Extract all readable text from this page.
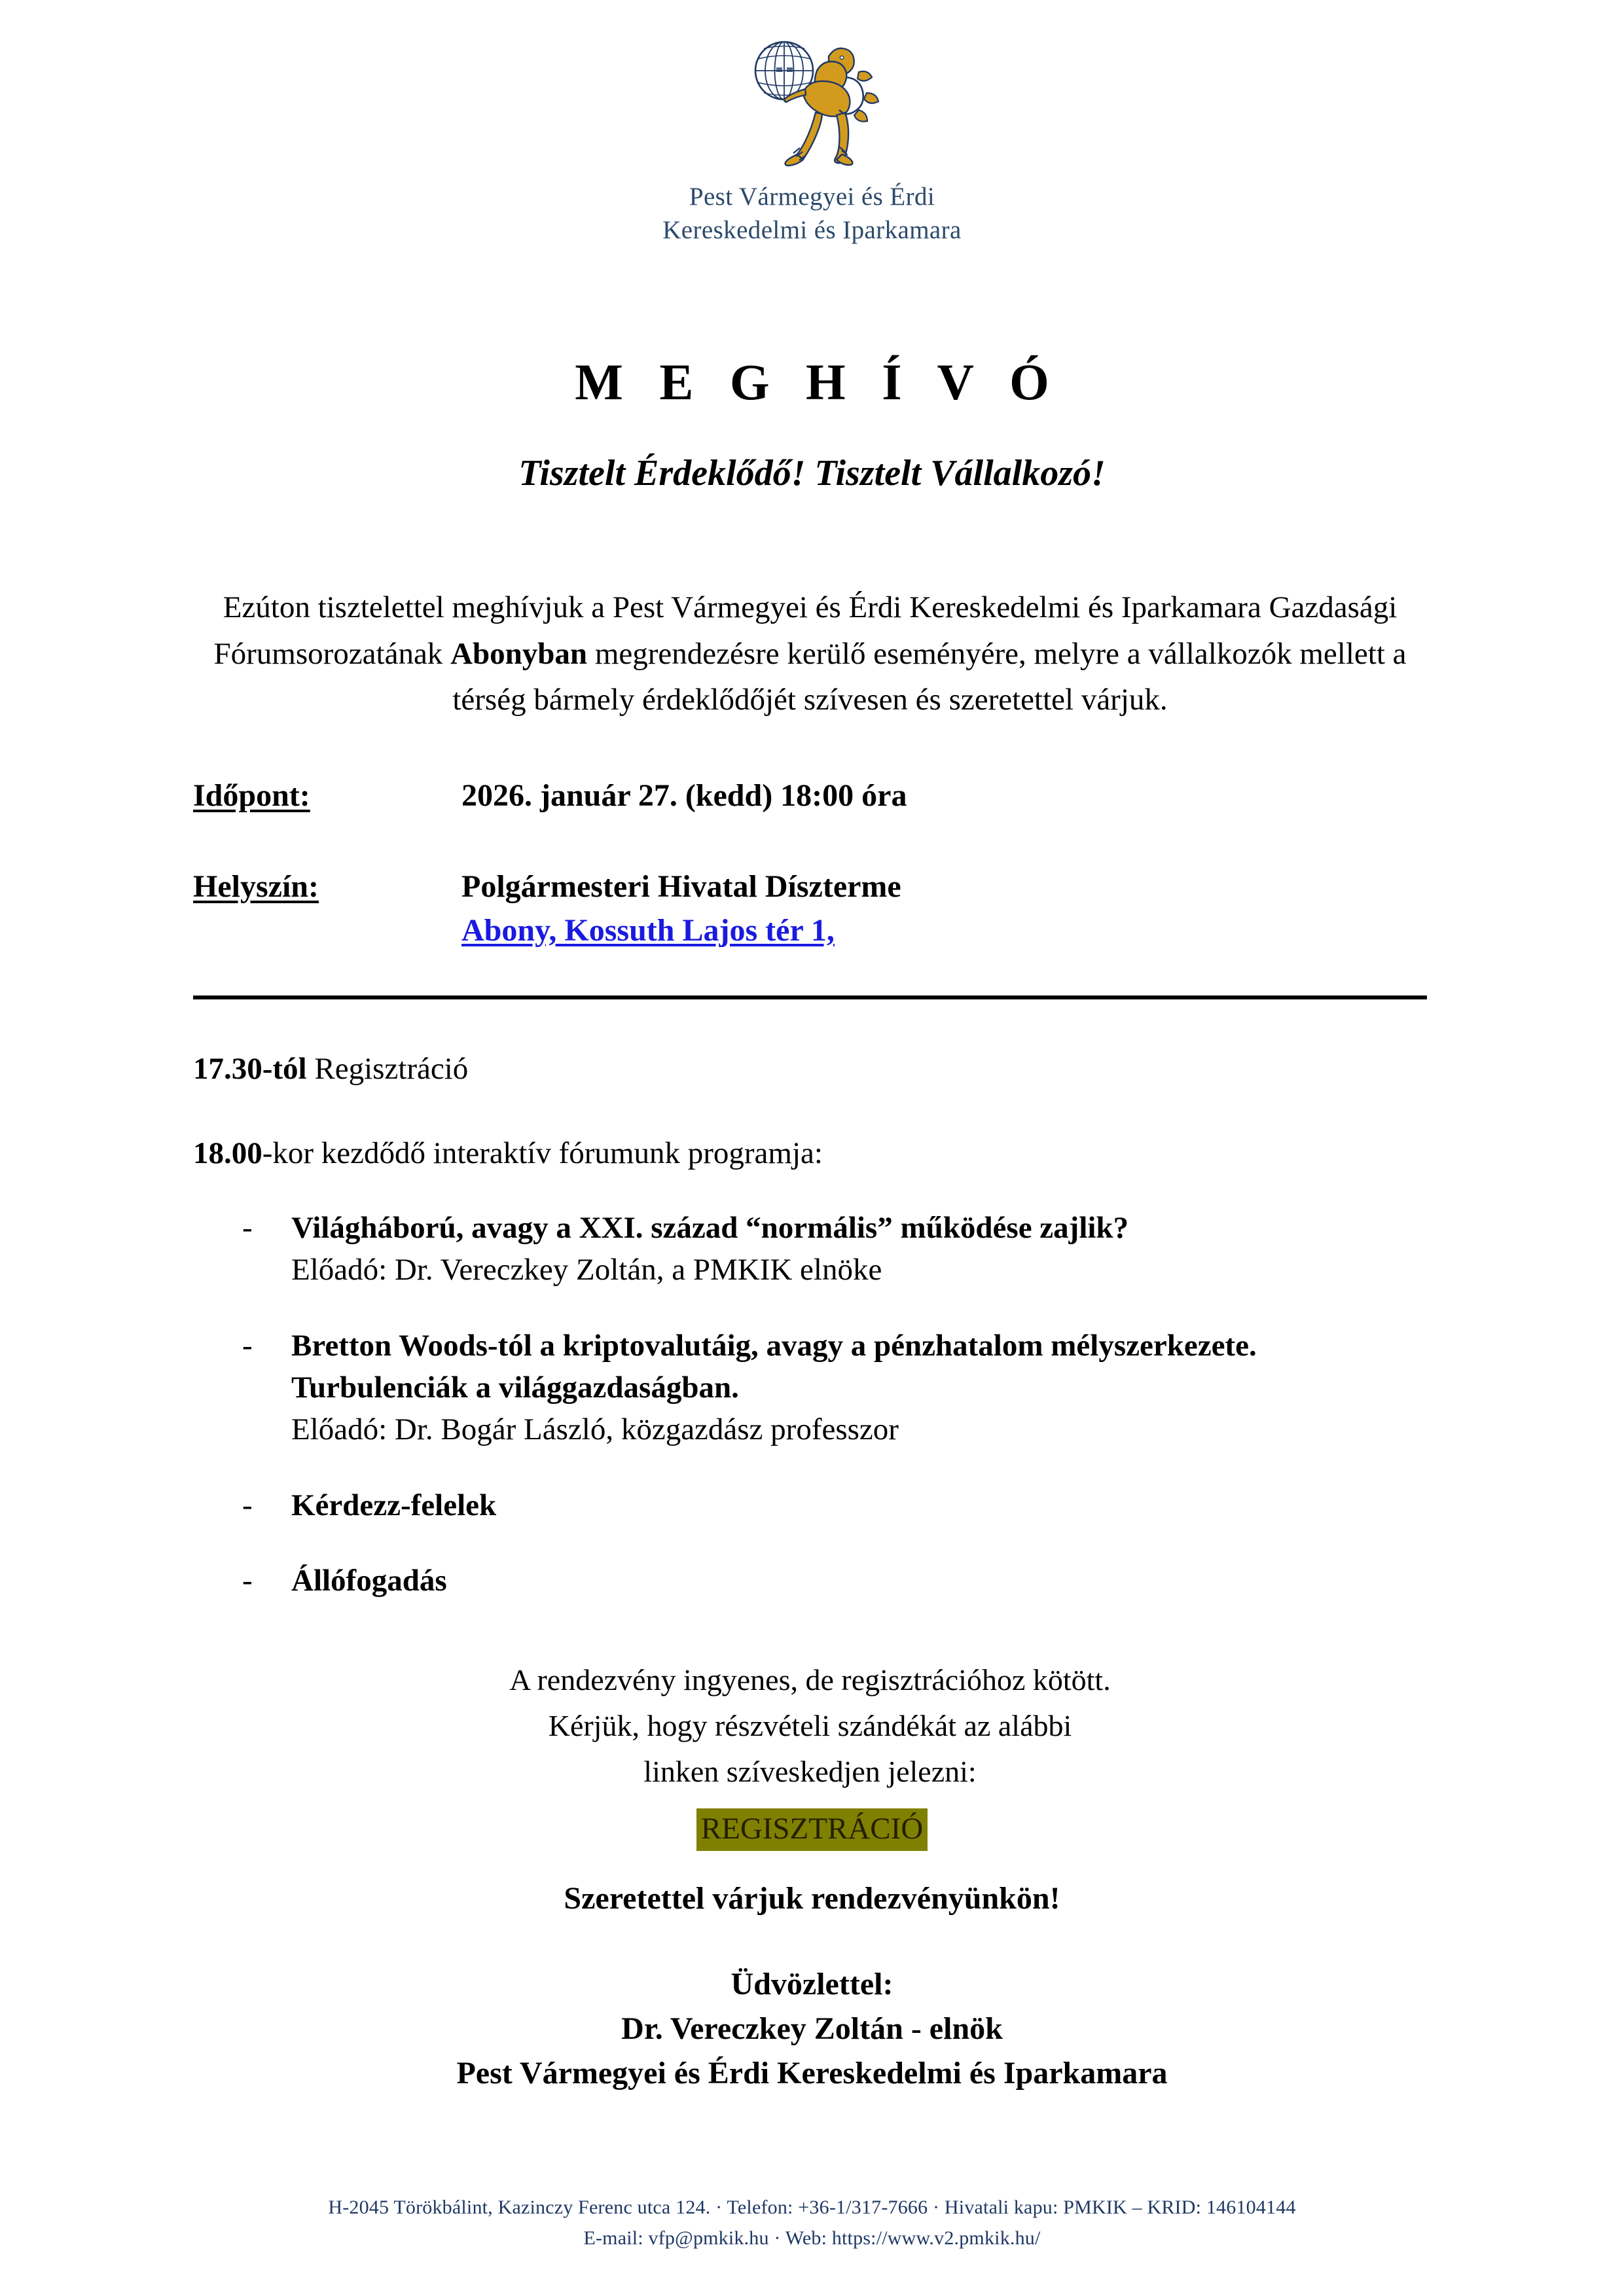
Pest Vármegyei és Érdi
Kereskedelmi és Iparkamara
M E G H Í V Ó
Tisztelt Érdeklődő! Tisztelt Vállalkozó!
Ezúton tisztelettel meghívjuk a Pest Vármegyei és Érdi Kereskedelmi és Iparkamara Gazdasági Fórumsorozatának Abonyban megrendezésre kerülő eseményére, melyre a vállalkozók mellett a térség bármely érdeklődőjét szívesen és szeretettel várjuk.
Időpont:	2026. január 27. (kedd) 18:00 óra
Helyszín:	Polgármesteri Hivatal Díszterme
Abony, Kossuth Lajos tér 1,
17.30-tól Regisztráció
18.00-kor kezdődő interaktív fórumunk programja:
-	Világháború, avagy a XXI. század “normális” működése zajlik?
Előadó: Dr. Vereczkey Zoltán, a PMKIK elnöke
-	Bretton Woods-tól a kriptovalutáig, avagy a pénzhatalom mélyszerkezete. Turbulenciák a világgazdaságban.
Előadó: Dr. Bogár László, közgazdász professzor
-	Kérdezz-felelek
-	Állófogadás
A rendezvény ingyenes, de regisztrációhoz kötött.
Kérjük, hogy részvételi szándékát az alábbi
linken szíveskedjen jelezni:
REGISZTRÁCIÓ
Szeretettel várjuk rendezvényünkön!
Üdvözlettel:
Dr. Vereczkey Zoltán - elnök
Pest Vármegyei és Érdi Kereskedelmi és Iparkamara
H-2045 Törökbálint, Kazinczy Ferenc utca 124. · Telefon: +36-1/317-7666 · Hivatali kapu: PMKIK – KRID: 146104144
E-mail: vfp@pmkik.hu · Web: https://www.v2.pmkik.hu/
